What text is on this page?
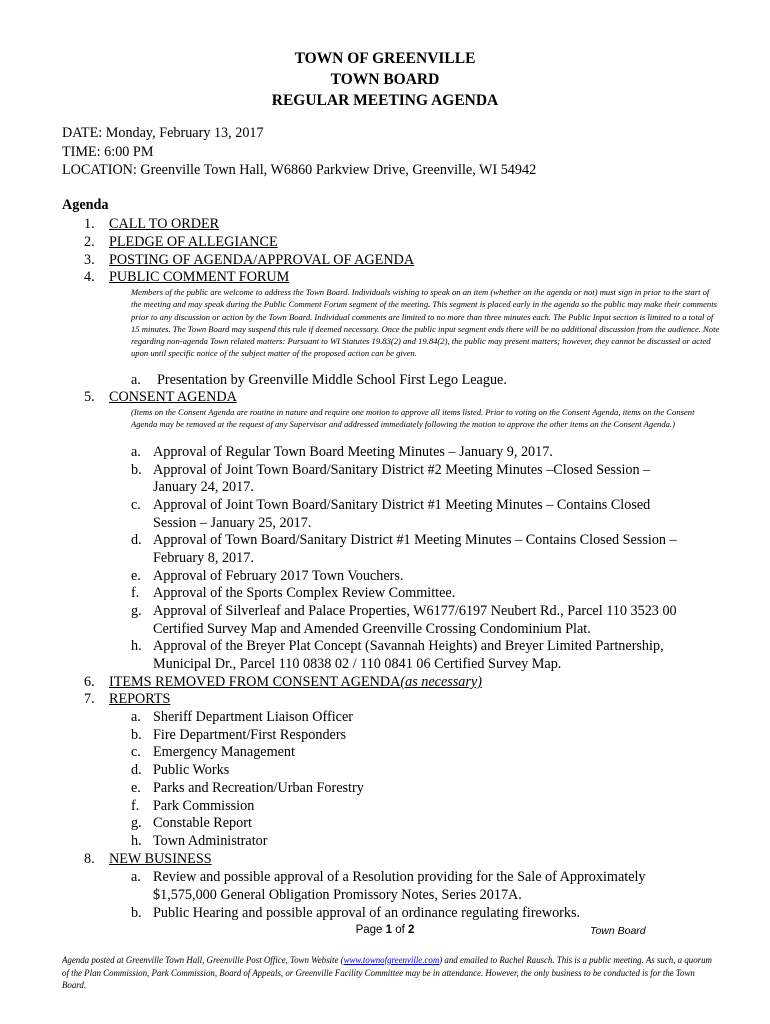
TOWN OF GREENVILLE
TOWN BOARD
REGULAR MEETING AGENDA
DATE: Monday, February 13, 2017
TIME: 6:00 PM
LOCATION: Greenville Town Hall, W6860 Parkview Drive, Greenville, WI 54942
Agenda
1. CALL TO ORDER
2. PLEDGE OF ALLEGIANCE
3. POSTING OF AGENDA/APPROVAL OF AGENDA
4. PUBLIC COMMENT FORUM
Members of the public are welcome to address the Town Board. Individuals wishing to speak on an item (whether on the agenda or not) must sign in prior to the start of the meeting and may speak during the Public Comment Forum segment of the meeting. This segment is placed early in the agenda so the public may make their comments prior to any discussion or action by the Town Board. Individual comments are limited to no more than three minutes each. The Public Input section is limited to a total of 15 minutes. The Town Board may suspend this rule if deemed necessary. Once the public input segment ends there will be no additional discussion from the audience. Note regarding non-agenda Town related matters: Pursuant to WI Statutes 19.83(2) and 19.84(2), the public may present matters; however, they cannot be discussed or acted upon until specific notice of the subject matter of the proposed action can be given.
a. Presentation by Greenville Middle School First Lego League.
5. CONSENT AGENDA
(Items on the Consent Agenda are routine in nature and require one motion to approve all items listed. Prior to voting on the Consent Agenda, items on the Consent Agenda may be removed at the request of any Supervisor and addressed immediately following the motion to approve the other items on the Consent Agenda.)
a. Approval of Regular Town Board Meeting Minutes – January 9, 2017.
b. Approval of Joint Town Board/Sanitary District #2 Meeting Minutes –Closed Session –
January 24, 2017.
c. Approval of Joint Town Board/Sanitary District #1 Meeting Minutes – Contains Closed
Session – January 25, 2017.
d. Approval of Town Board/Sanitary District #1 Meeting Minutes – Contains Closed Session –
February 8, 2017.
e. Approval of February 2017 Town Vouchers.
f. Approval of the Sports Complex Review Committee.
g. Approval of Silverleaf and Palace Properties, W6177/6197 Neubert Rd., Parcel 110 3523 00
Certified Survey Map and Amended Greenville Crossing Condominium Plat.
h. Approval of the Breyer Plat Concept (Savannah Heights) and Breyer Limited Partnership,
Municipal Dr., Parcel 110 0838 02 / 110 0841 06 Certified Survey Map.
6. ITEMS REMOVED FROM CONSENT AGENDA(as necessary)
7. REPORTS
a. Sheriff Department Liaison Officer
b. Fire Department/First Responders
c. Emergency Management
d. Public Works
e. Parks and Recreation/Urban Forestry
f. Park Commission
g. Constable Report
h. Town Administrator
8. NEW BUSINESS
a. Review and possible approval of a Resolution providing for the Sale of Approximately
$1,575,000 General Obligation Promissory Notes, Series 2017A.
b. Public Hearing and possible approval of an ordinance regulating fireworks.
Page 1 of 2	Town Board
Agenda posted at Greenville Town Hall, Greenville Post Office, Town Website (www.townofgreenville.com) and emailed to Rachel Rausch. This is a public meeting. As such, a quorum of the Plan Commission, Park Commission, Board of Appeals, or Greenville Facility Committee may be in attendance. However, the only business to be conducted is for the Town Board.
